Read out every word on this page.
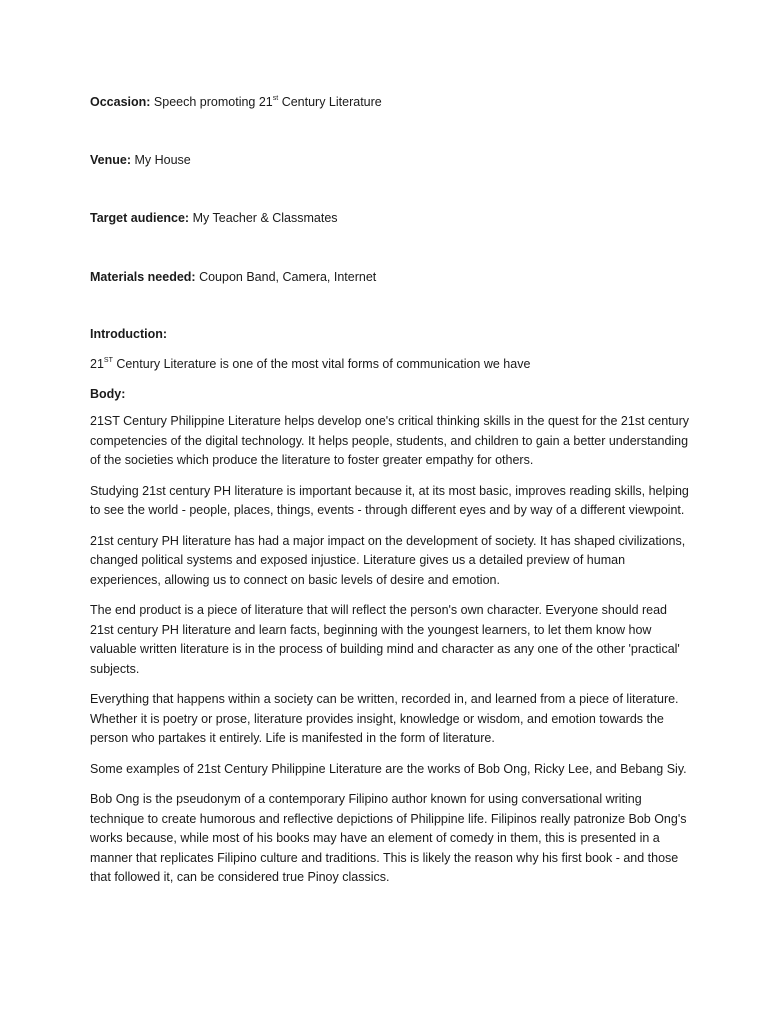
Occasion: Speech promoting 21st Century Literature

Venue: My House

Target audience: My Teacher & Classmates

Materials needed: Coupon Band, Camera, Internet

Introduction:

21ST Century Literature is one of the most vital forms of communication we have

Body:

21ST Century Philippine Literature helps develop one's critical thinking skills in the quest for the 21st century competencies of the digital technology. It helps people, students, and children to gain a better understanding of the societies which produce the literature to foster greater empathy for others.

Studying 21st century PH literature is important because it, at its most basic, improves reading skills, helping to see the world - people, places, things, events - through different eyes and by way of a different viewpoint.

21st century PH literature has had a major impact on the development of society. It has shaped civilizations, changed political systems and exposed injustice. Literature gives us a detailed preview of human experiences, allowing us to connect on basic levels of desire and emotion.

The end product is a piece of literature that will reflect the person's own character. Everyone should read 21st century PH literature and learn facts, beginning with the youngest learners, to let them know how valuable written literature is in the process of building mind and character as any one of the other 'practical' subjects.

Everything that happens within a society can be written, recorded in, and learned from a piece of literature. Whether it is poetry or prose, literature provides insight, knowledge or wisdom, and emotion towards the person who partakes it entirely. Life is manifested in the form of literature.

Some examples of 21st Century Philippine Literature are the works of Bob Ong, Ricky Lee, and Bebang Siy.

Bob Ong is the pseudonym of a contemporary Filipino author known for using conversational writing technique to create humorous and reflective depictions of Philippine life. Filipinos really patronize Bob Ong's works because, while most of his books may have an element of comedy in them, this is presented in a manner that replicates Filipino culture and traditions. This is likely the reason why his first book - and those that followed it, can be considered true Pinoy classics.
